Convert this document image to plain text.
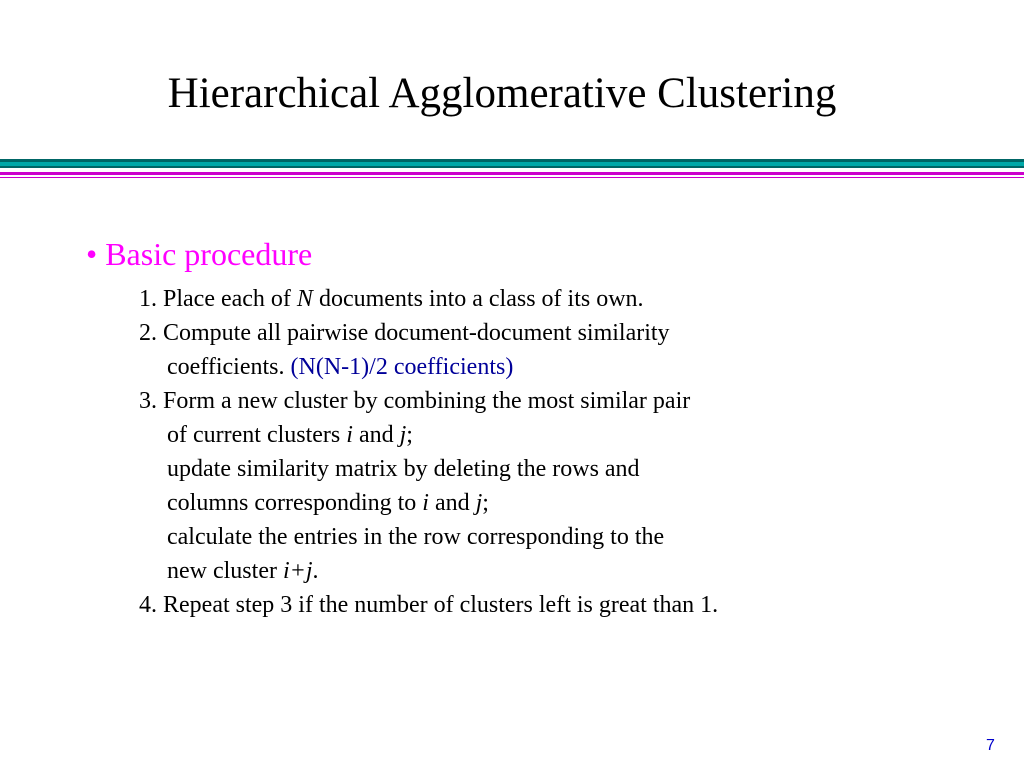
Hierarchical Agglomerative Clustering
• Basic procedure
1. Place each of N documents into a class of its own.
2. Compute all pairwise document-document similarity
coefficients. (N(N-1)/2 coefficients)
3. Form a new cluster by combining the most similar pair
of current clusters i and j;
update similarity matrix by deleting the rows and
columns corresponding to i and j;
calculate the entries in the row corresponding to the
new cluster i+j.
4. Repeat step 3 if the number of clusters left is great than 1.
7
